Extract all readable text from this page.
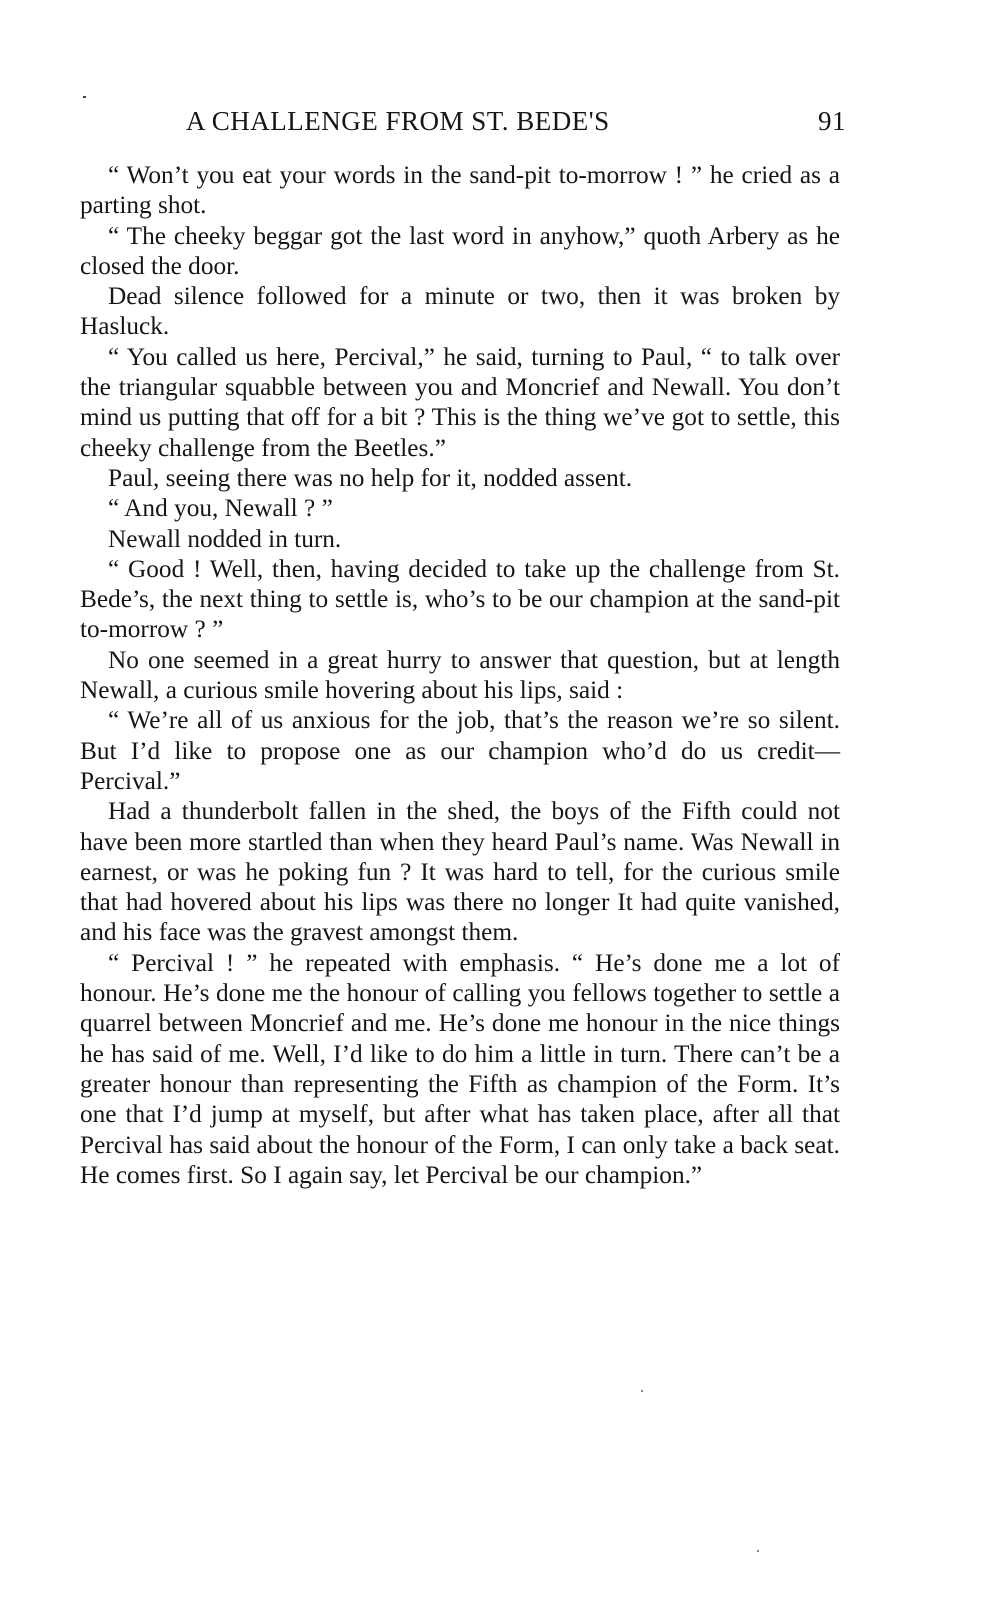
A CHALLENGE FROM ST. BEDE'S	91

“ Won’t you eat your words in the sand-pit to-morrow ! ” he cried as a parting shot.

“ The cheeky beggar got the last word in anyhow,” quoth Arbery as he closed the door.

Dead silence followed for a minute or two, then it was broken by Hasluck.

“ You called us here, Percival,” he said, turning to Paul, “ to talk over the triangular squabble between you and Moncrief and Newall. You don’t mind us putting that off for a bit ? This is the thing we’ve got to settle, this cheeky challenge from the Beetles.”

Paul, seeing there was no help for it, nodded assent.

“ And you, Newall ? ”

Newall nodded in turn.

“ Good ! Well, then, having decided to take up the challenge from St. Bede’s, the next thing to settle is, who’s to be our champion at the sand-pit to-morrow ? ”

No one seemed in a great hurry to answer that question, but at length Newall, a curious smile hovering about his lips, said :

“ We’re all of us anxious for the job, that’s the reason we’re so silent. But I’d like to propose one as our champion who’d do us credit—Percival.”

Had a thunderbolt fallen in the shed, the boys of the Fifth could not have been more startled than when they heard Paul’s name. Was Newall in earnest, or was he poking fun ? It was hard to tell, for the curious smile that had hovered about his lips was there no longer It had quite vanished, and his face was the gravest amongst them.

“ Percival ! ” he repeated with emphasis. “ He’s done me a lot of honour. He’s done me the honour of calling you fellows together to settle a quarrel between Moncrief and me. He’s done me honour in the nice things he has said of me. Well, I’d like to do him a little in turn. There can’t be a greater honour than representing the Fifth as champion of the Form. It’s one that I’d jump at myself, but after what has taken place, after all that Percival has said about the honour of the Form, I can only take a back seat. He comes first. So I again say, let Percival be our champion.”
